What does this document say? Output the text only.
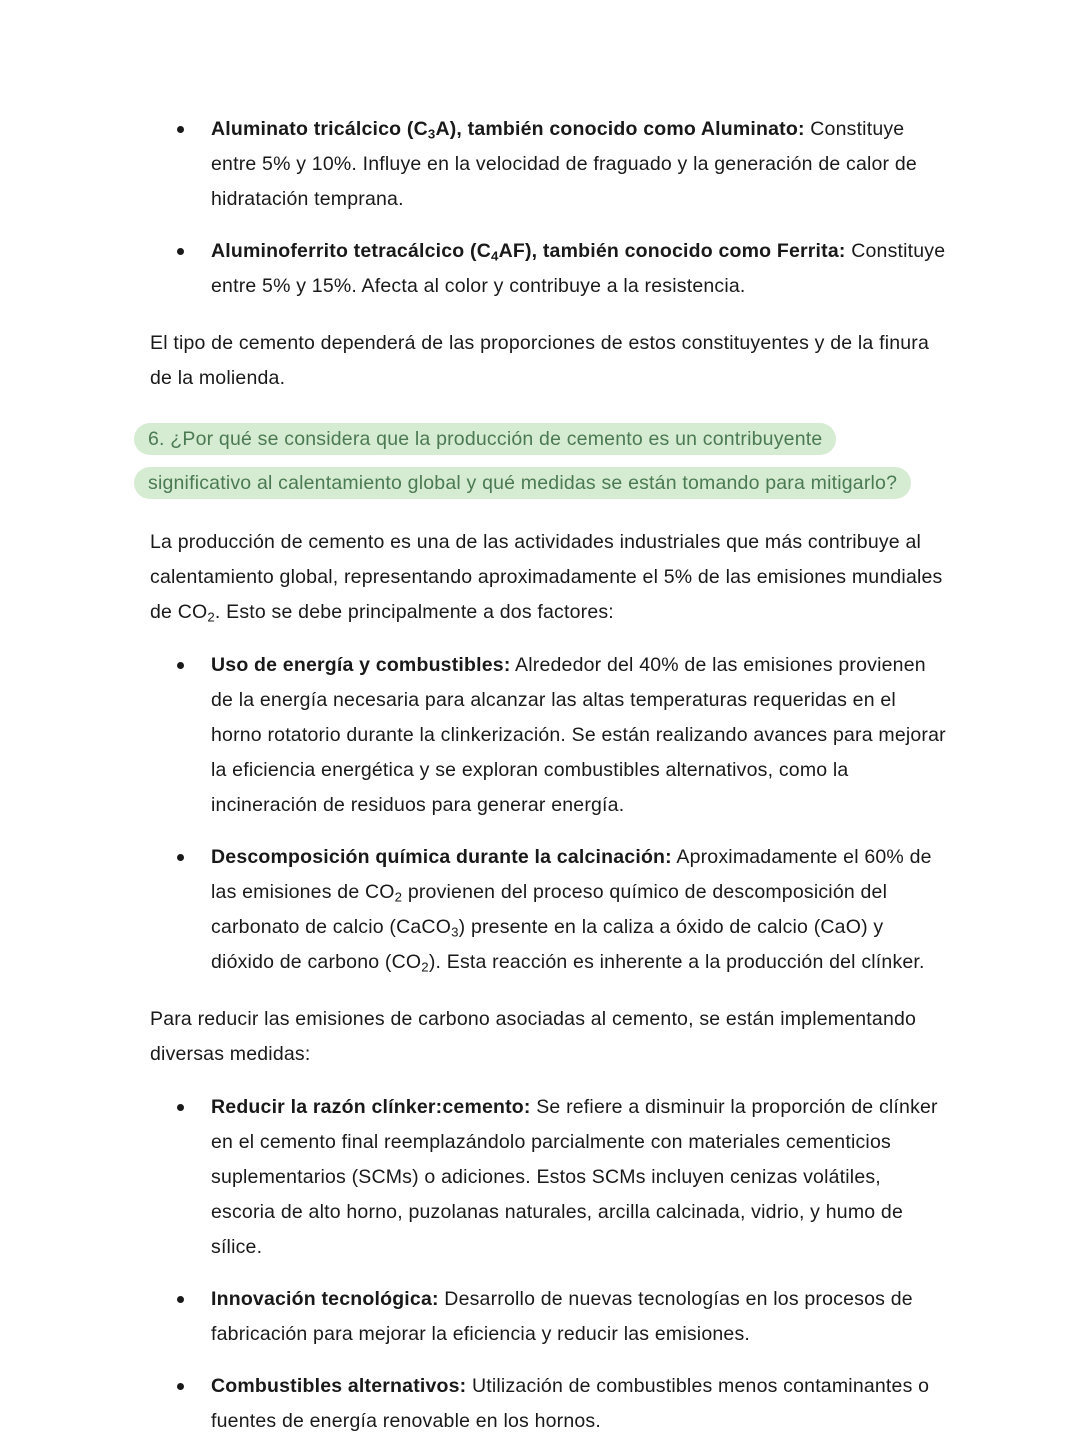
Aluminato tricálcico $(C_3A)$, también conocido como Aluminato: Constituye entre 5% y 10%. Influye en la velocidad de fraguado y la generación de calor de hidratación temprana.
Aluminoferrito tetracálcico $(C_4AF)$, también conocido como Ferrita: Constituye entre 5% y 15%. Afecta al color y contribuye a la resistencia.

El tipo de cemento dependerá de las proporciones de estos constituyentes y de la finura de la molienda.

6. ¿Por qué se considera que la producción de cemento es un contribuyente
significativo al calentamiento global y qué medidas se están tomando para mitigarlo?

La producción de cemento es una de las actividades industriales que más contribuye al calentamiento global, representando aproximadamente el 5% de las emisiones mundiales de $CO_2$. Esto se debe principalmente a dos factores:

Uso de energía y combustibles: Alrededor del 40% de las emisiones provienen de la energía necesaria para alcanzar las altas temperaturas requeridas en el horno rotatorio durante la clinkerización. Se están realizando avances para mejorar la eficiencia energética y se exploran combustibles alternativos, como la incineración de residuos para generar energía.
Descomposición química durante la calcinación: Aproximadamente el 60% de las emisiones de $CO_2$ provienen del proceso químico de descomposición del carbonato de calcio (CaCO$_3$) presente en la caliza a óxido de calcio (CaO) y dióxido de carbono $(CO_2)$. Esta reacción es inherente a la producción del clínker.

Para reducir las emisiones de carbono asociadas al cemento, se están implementando diversas medidas:

Reducir la razón clínker:cemento: Se refiere a disminuir la proporción de clínker en el cemento final reemplazándolo parcialmente con materiales cementicios suplementarios (SCMs) o adiciones. Estos SCMs incluyen cenizas volátiles, escoria de alto horno, puzolanas naturales, arcilla calcinada, vidrio, y humo de sílice.
Innovación tecnológica: Desarrollo de nuevas tecnologías en los procesos de fabricación para mejorar la eficiencia y reducir las emisiones.
Combustibles alternativos: Utilización de combustibles menos contaminantes o fuentes de energía renovable en los hornos.
